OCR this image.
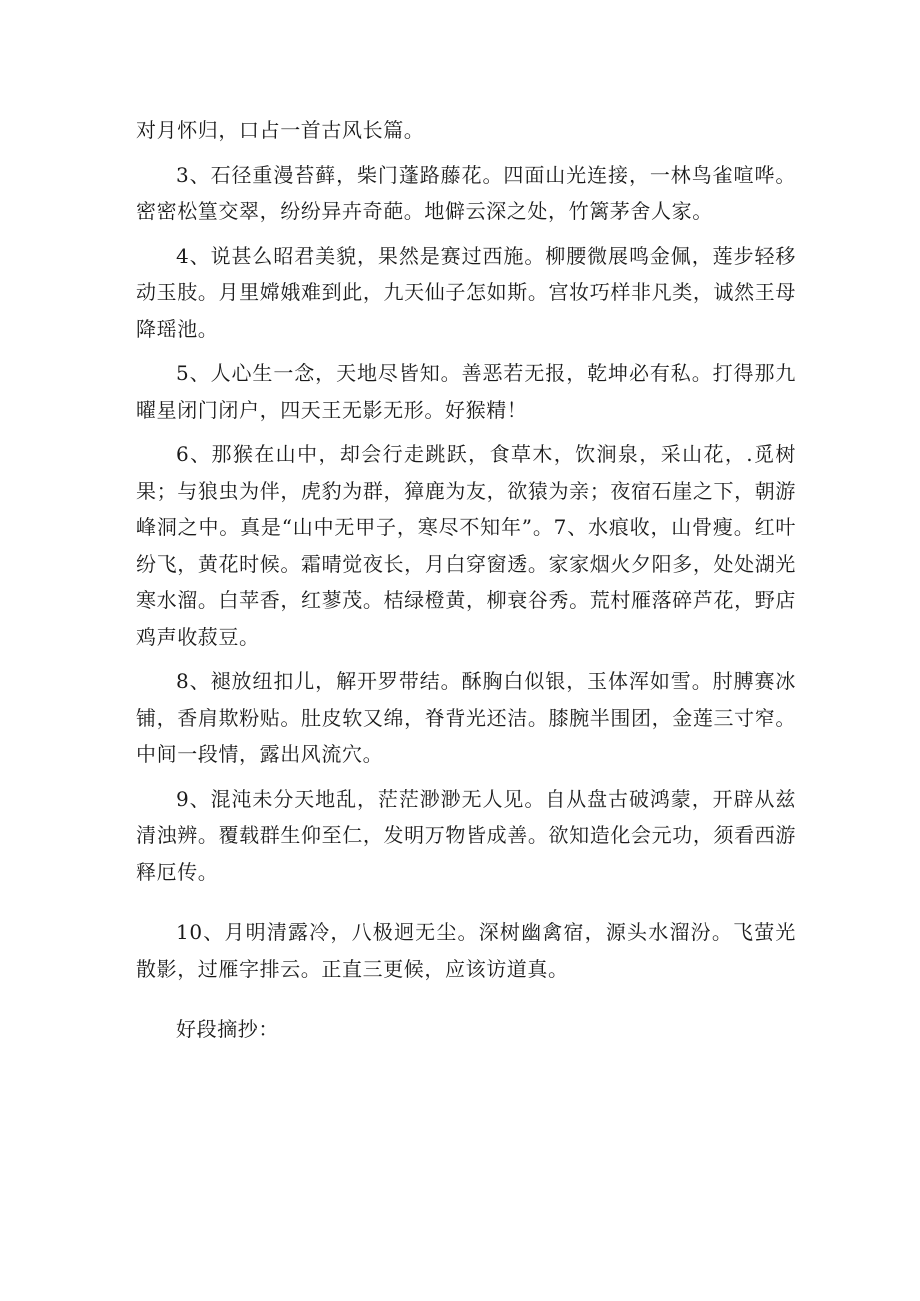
对月怀归，口占一首古风长篇。

3、石径重漫苔藓，柴门蓬路藤花。四面山光连接，一林鸟雀喧哗。密密松篁交翠，纷纷异卉奇葩。地僻云深之处，竹篱茅舍人家。

4、说甚么昭君美貌，果然是赛过西施。柳腰微展鸣金佩，莲步轻移动玉肢。月里嫦娥难到此，九天仙子怎如斯。宫妆巧样非凡类，诚然王母降瑶池。

5、人心生一念，天地尽皆知。善恶若无报，乾坤必有私。打得那九曜星闭门闭户，四天王无影无形。好猴精！

6、那猴在山中，却会行走跳跃，食草木，饮涧泉，采山花，.觅树果；与狼虫为伴，虎豹为群，獐鹿为友，欲猿为亲；夜宿石崖之下，朝游峰洞之中。真是“山中无甲子，寒尽不知年”。7、水痕收，山骨瘦。红叶纷飞，黄花时候。霜晴觉夜长，月白穿窗透。家家烟火夕阳多，处处湖光寒水溜。白苹香，红蓼茂。桔绿橙黄，柳衰谷秀。荒村雁落碎芦花，野店鸡声收菽豆。

8、褪放纽扣儿，解开罗带结。酥胸白似银，玉体浑如雪。肘膊赛冰铺，香肩欺粉贴。肚皮软又绵，脊背光还洁。膝腕半围团，金莲三寸窄。中间一段情，露出风流穴。

9、混沌未分天地乱，茫茫渺渺无人见。自从盘古破鸿蒙，开辟从兹清浊辨。覆载群生仰至仁，发明万物皆成善。欲知造化会元功，须看西游释厄传。

10、月明清露冷，八极迥无尘。深树幽禽宿，源头水溜汾。飞萤光散影，过雁字排云。正直三更候，应该访道真。

好段摘抄：
